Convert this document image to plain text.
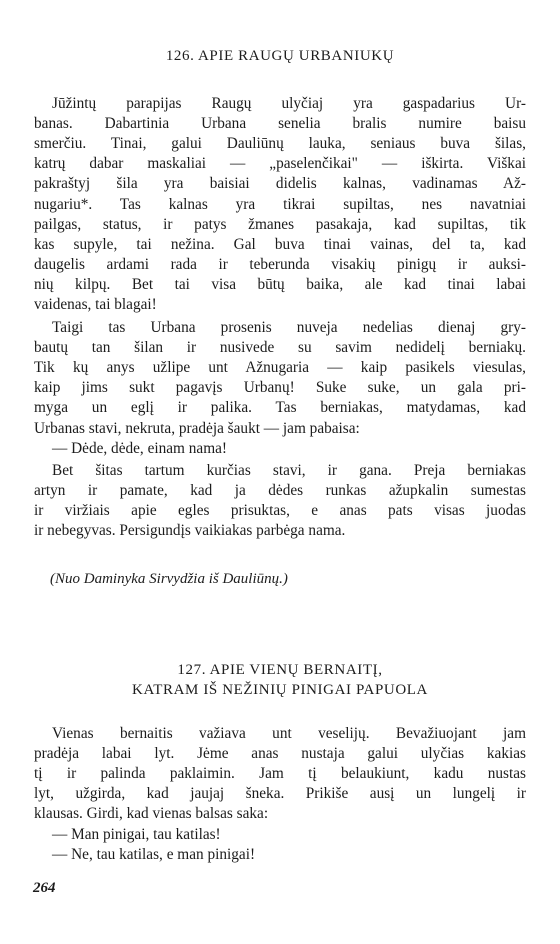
126. APIE RAUGŲ URBANIUKŲ
Jūžintų parapijas Raugų ulyčiaj yra gaspadarius Ur-
banas. Dabartinia Urbana senelia bralis numire baisu
smerčiu. Tinai, galui Dauliūnų lauka, seniaus buva šilas,
katrų dabar maskaliai — „paselenčikai" — iškirta. Viškai
pakraštyj šila yra baisiai didelis kalnas, vadinamas Až-
nugariu*. Tas kalnas yra tikrai supiltas, nes navatniai
pailgas, status, ir patys žmanes pasakaja, kad supiltas, tik
kas supyle, tai nežina. Gal buva tinai vainas, del ta, kad
daugelis ardami rada ir teberunda visakių pinigų ir auksi-
nių kilpų. Bet tai visa būtų baika, ale kad tinai labai
vaidenas, tai blagai!
Taigi tas Urbana prosenis nuveja nedelias dienaj gry-
bautų tan šilan ir nusivede su savim nedidelį berniakų.
Tik kų anys užlipe unt Ažnugaria — kaip pasikels viesulas,
kaip jims sukt pagavįs Urbanų! Suke suke, un gala pri-
myga un eglį ir palika. Tas berniakas, matydamas, kad
Urbanas stavi, nekruta, pradėja šaukt — jam pabaisa:
— Dėde, dėde, einam nama!
Bet šitas tartum kurčias stavi, ir gana. Preja berniakas
artyn ir pamate, kad ja dėdes runkas ažupkalin sumestas
ir viržiais apie egles prisuktas, e anas pats visas juodas
ir nebegyvas. Persigundįs vaikiakas parbėga nama.

(Nuo Daminyka Sirvydžia iš Dauliūnų.)

127. APIE VIENŲ BERNAITĮ,
KATRAM IŠ NEŽINIŲ PINIGAI PAPUOLA
Vienas bernaitis važiava unt veselijų. Bevažiuojant jam
pradėja labai lyt. Jėme anas nustaja galui ulyčias kakias
tį ir palinda paklaimin. Jam tį belaukiunt, kadu nustas
lyt, užgirda, kad jaujaj šneka. Prikiše ausį un lungelį ir
klausas. Girdi, kad vienas balsas saka:
— Man pinigai, tau katilas!
— Ne, tau katilas, e man pinigai!

264
